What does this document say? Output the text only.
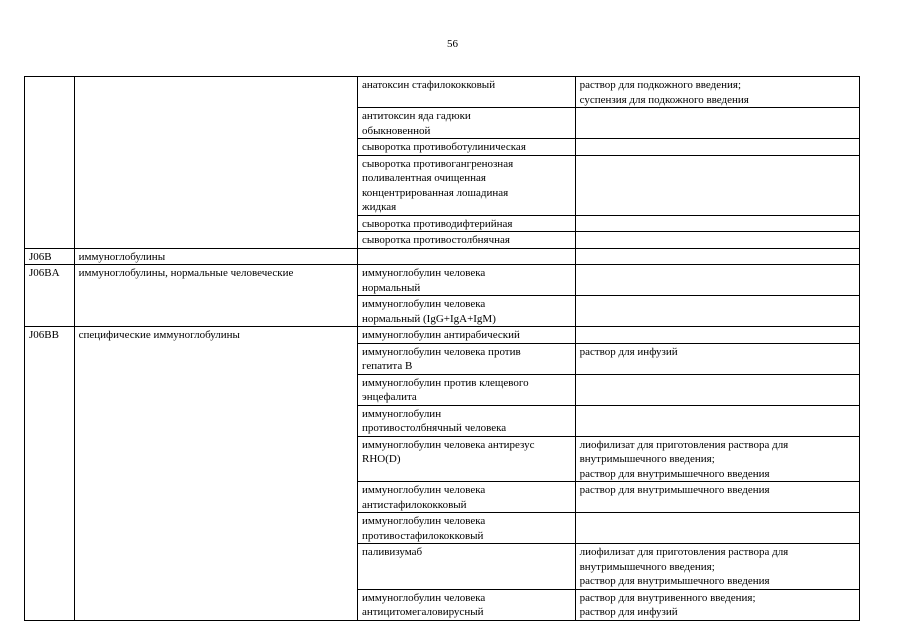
56
		анатоксин стафилококковый	раствор для подкожного введения;
суспензия для подкожного введения
		антитоксин яда гадюки
обыкновенной	
		сыворотка противоботулиническая	
		сыворотка противогангренозная
поливалентная очищенная
концентрированная лошадиная
жидкая	
		сыворотка противодифтерийная	
		сыворотка противостолбнячная	
J06B	иммуноглобулины		
J06BA	иммуноглобулины, нормальные человеческие	иммуноглобулин человека
нормальный	
		иммуноглобулин человека
нормальный (IgG+IgA+IgM)	
J06BB	специфические иммуноглобулины	иммуноглобулин антирабический	
		иммуноглобулин человека против
гепатита В	раствор для инфузий
		иммуноглобулин против клещевого
энцефалита	
		иммуноглобулин
противостолбнячный человека	
		иммуноглобулин человека антирезус
RHO(D)	лиофилизат для приготовления раствора для
внутримышечного введения;
раствор для внутримышечного введения
		иммуноглобулин человека
антистафилококковый	раствор для внутримышечного введения
		иммуноглобулин человека
противостафилококковый	
		паливизумаб	лиофилизат для приготовления раствора для
внутримышечного введения;
раствор для внутримышечного введения
		иммуноглобулин человека
антицитомегаловирусный	раствор для внутривенного введения;
раствор для инфузий
